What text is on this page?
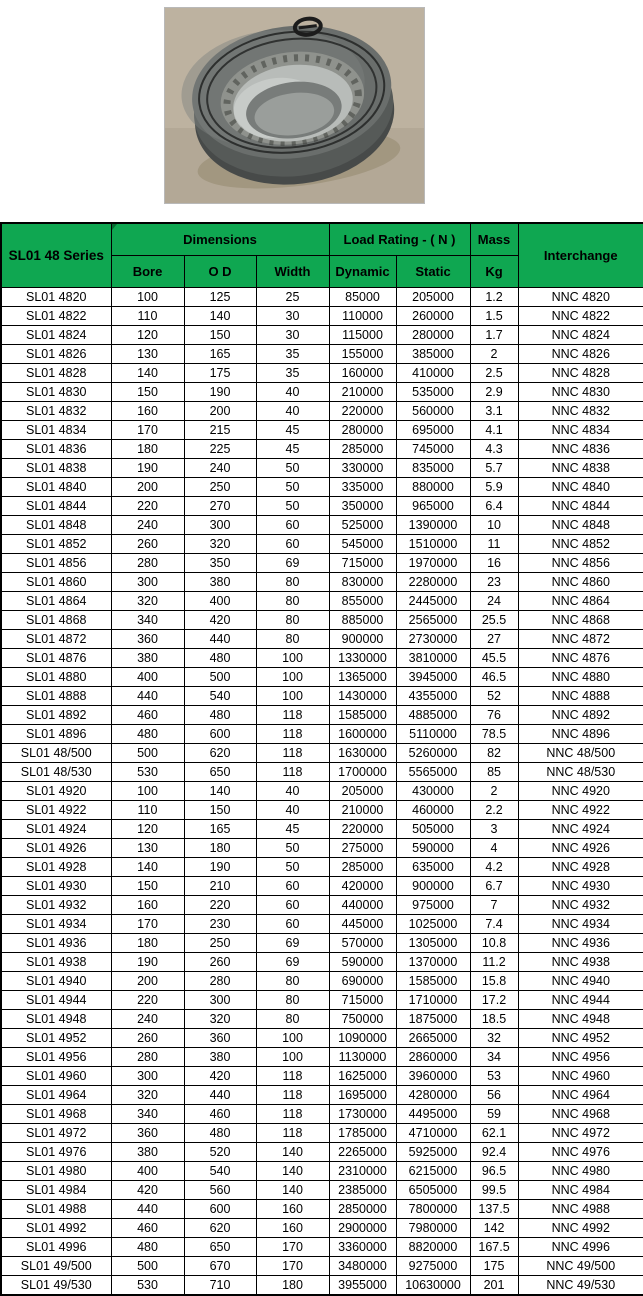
SL01 48 Series	Dimensions			Load Rating - ( N )		Mass	Interchange
	Bore	O D	Width	Dynamic	Static	Kg	
SL01 4820	100	125	25	85000	205000	1.2	NNC 4820
SL01 4822	110	140	30	110000	260000	1.5	NNC 4822
SL01 4824	120	150	30	115000	280000	1.7	NNC 4824
SL01 4826	130	165	35	155000	385000	2	NNC 4826
SL01 4828	140	175	35	160000	410000	2.5	NNC 4828
SL01 4830	150	190	40	210000	535000	2.9	NNC 4830
SL01 4832	160	200	40	220000	560000	3.1	NNC 4832
SL01 4834	170	215	45	280000	695000	4.1	NNC 4834
SL01 4836	180	225	45	285000	745000	4.3	NNC 4836
SL01 4838	190	240	50	330000	835000	5.7	NNC 4838
SL01 4840	200	250	50	335000	880000	5.9	NNC 4840
SL01 4844	220	270	50	350000	965000	6.4	NNC 4844
SL01 4848	240	300	60	525000	1390000	10	NNC 4848
SL01 4852	260	320	60	545000	1510000	11	NNC 4852
SL01 4856	280	350	69	715000	1970000	16	NNC 4856
SL01 4860	300	380	80	830000	2280000	23	NNC 4860
SL01 4864	320	400	80	855000	2445000	24	NNC 4864
SL01 4868	340	420	80	885000	2565000	25.5	NNC 4868
SL01 4872	360	440	80	900000	2730000	27	NNC 4872
SL01 4876	380	480	100	1330000	3810000	45.5	NNC 4876
SL01 4880	400	500	100	1365000	3945000	46.5	NNC 4880
SL01 4888	440	540	100	1430000	4355000	52	NNC 4888
SL01 4892	460	480	118	1585000	4885000	76	NNC 4892
SL01 4896	480	600	118	1600000	5110000	78.5	NNC 4896
SL01 48/500	500	620	118	1630000	5260000	82	NNC 48/500
SL01 48/530	530	650	118	1700000	5565000	85	NNC 48/530
SL01 4920	100	140	40	205000	430000	2	NNC 4920
SL01 4922	110	150	40	210000	460000	2.2	NNC 4922
SL01 4924	120	165	45	220000	505000	3	NNC 4924
SL01 4926	130	180	50	275000	590000	4	NNC 4926
SL01 4928	140	190	50	285000	635000	4.2	NNC 4928
SL01 4930	150	210	60	420000	900000	6.7	NNC 4930
SL01 4932	160	220	60	440000	975000	7	NNC 4932
SL01 4934	170	230	60	445000	1025000	7.4	NNC 4934
SL01 4936	180	250	69	570000	1305000	10.8	NNC 4936
SL01 4938	190	260	69	590000	1370000	11.2	NNC 4938
SL01 4940	200	280	80	690000	1585000	15.8	NNC 4940
SL01 4944	220	300	80	715000	1710000	17.2	NNC 4944
SL01 4948	240	320	80	750000	1875000	18.5	NNC 4948
SL01 4952	260	360	100	1090000	2665000	32	NNC 4952
SL01 4956	280	380	100	1130000	2860000	34	NNC 4956
SL01 4960	300	420	118	1625000	3960000	53	NNC 4960
SL01 4964	320	440	118	1695000	4280000	56	NNC 4964
SL01 4968	340	460	118	1730000	4495000	59	NNC 4968
SL01 4972	360	480	118	1785000	4710000	62.1	NNC 4972
SL01 4976	380	520	140	2265000	5925000	92.4	NNC 4976
SL01 4980	400	540	140	2310000	6215000	96.5	NNC 4980
SL01 4984	420	560	140	2385000	6505000	99.5	NNC 4984
SL01 4988	440	600	160	2850000	7800000	137.5	NNC 4988
SL01 4992	460	620	160	2900000	7980000	142	NNC 4992
SL01 4996	480	650	170	3360000	8820000	167.5	NNC 4996
SL01 49/500	500	670	170	3480000	9275000	175	NNC 49/500
SL01 49/530	530	710	180	3955000	10630000	201	NNC 49/530
